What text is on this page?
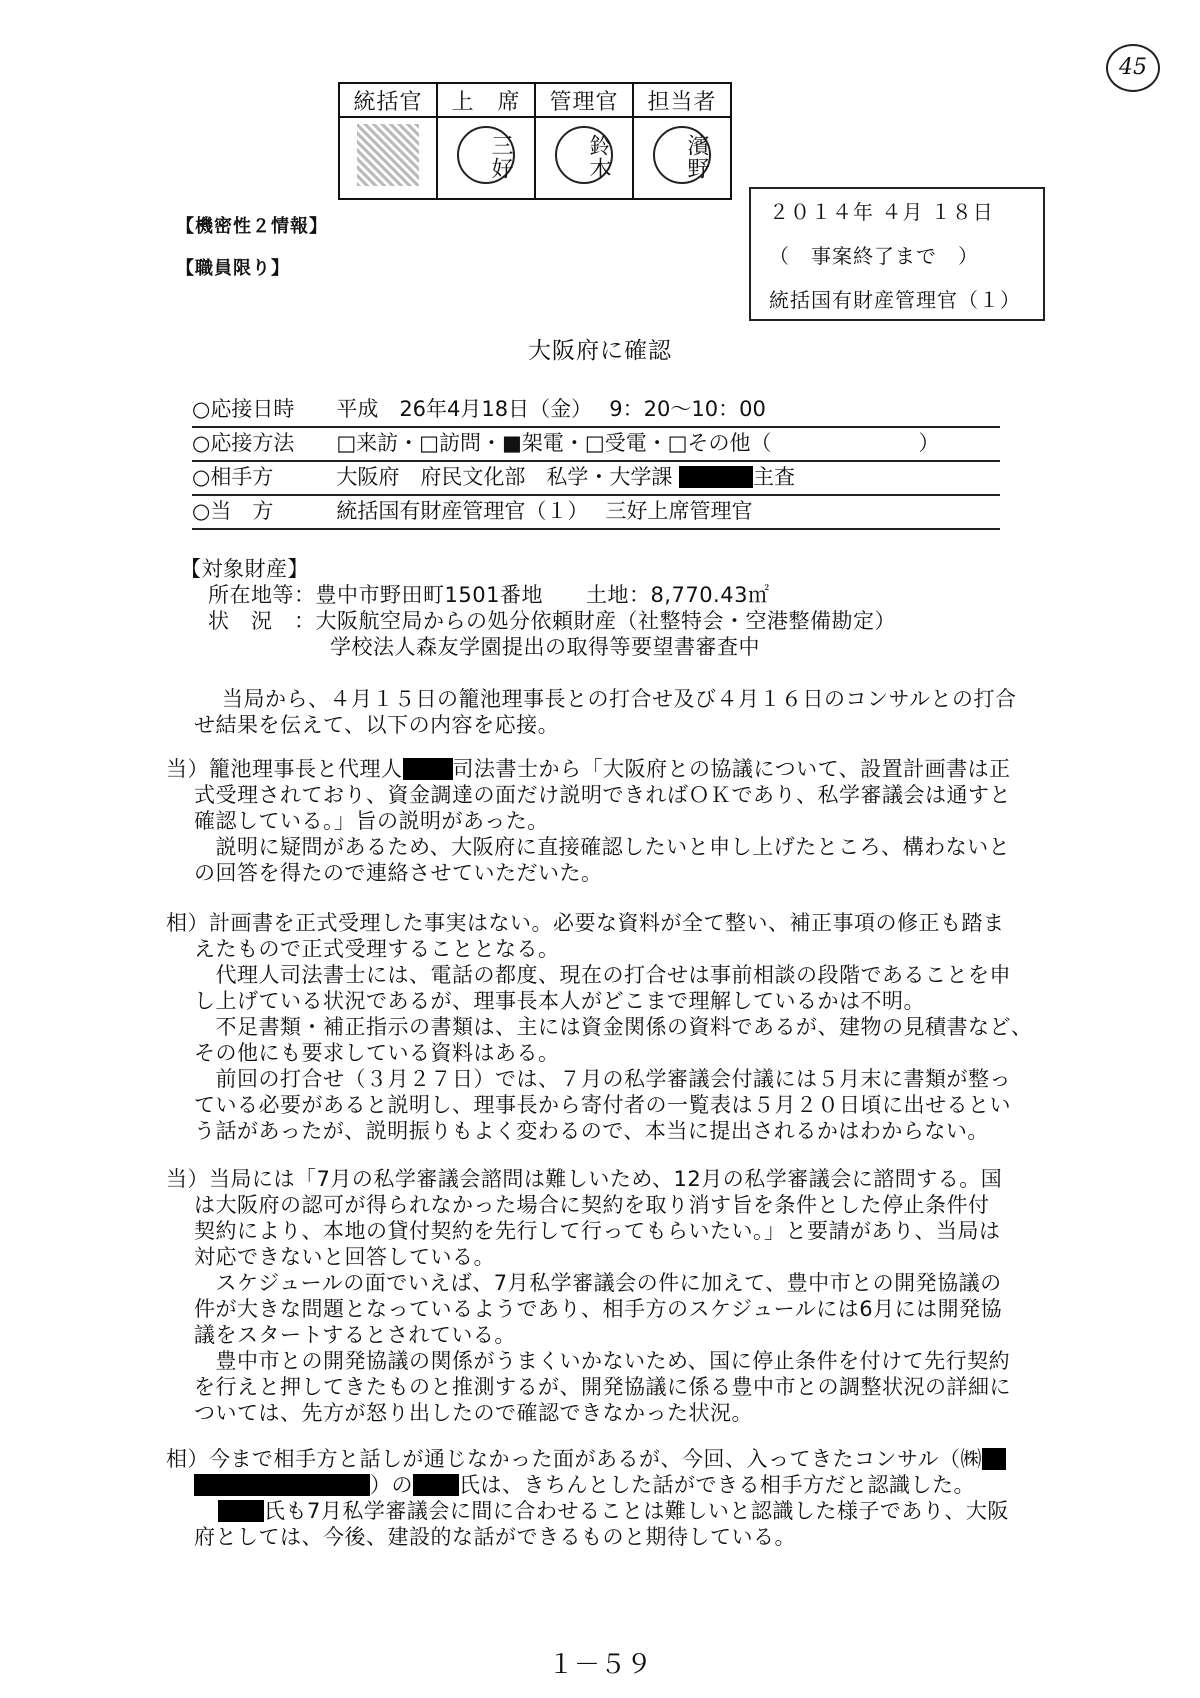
45
統括官	上　席	管理官	担当者
	三好	鈴木	濱野
【機密性２情報】
【職員限り】
２０１４年 ４月 １８日
（　事案終了まで　）
統括国有財産管理官（１）
大阪府に確認
○応接日時　　平成　26年4月18日（金）　 9：20～10：00
○応接方法　　□来訪・□訪問・■架電・□受電・□その他（　　　　　　　）
○相手方　　　大阪府　府民文化部　私学・大学課	主査
○当　方　　　統括国有財産管理官（１）　 三好上席管理官
【対象財産】
所在地等：豊中市野田町1501番地　　土地：8,770.43㎡
状　況　：大阪航空局からの処分依頼財産（社整特会・空港整備勘定）
学校法人森友学園提出の取得等要望書審査中
当局から、４月１５日の籠池理事長との打合せ及び４月１６日のコンサルとの打合
せ結果を伝えて、以下の内容を応接。
当）籠池理事長と代理人 司法書士から「大阪府との協議について、設置計画書は正
式受理されており、資金調達の面だけ説明できればＯＫであり、私学審議会は通すと
確認している。」旨の説明があった。
　説明に疑問があるため、大阪府に直接確認したいと申し上げたところ、構わないと
の回答を得たので連絡させていただいた。
相）計画書を正式受理した事実はない。必要な資料が全て整い、補正事項の修正も踏ま
えたもので正式受理することとなる。
　代理人司法書士には、電話の都度、現在の打合せは事前相談の段階であることを申
し上げている状況であるが、理事長本人がどこまで理解しているかは不明。
　不足書類・補正指示の書類は、主には資金関係の資料であるが、建物の見積書など、
その他にも要求している資料はある。
　前回の打合せ（３月２７日）では、７月の私学審議会付議には５月末に書類が整っ
ている必要があると説明し、理事長から寄付者の一覧表は５月２０日頃に出せるとい
う話があったが、説明振りもよく変わるので、本当に提出されるかはわからない。
当）当局には「7月の私学審議会諮問は難しいため、12月の私学審議会に諮問する。国
は大阪府の認可が得られなかった場合に契約を取り消す旨を条件とした停止条件付
契約により、本地の貸付契約を先行して行ってもらいたい。」と要請があり、当局は
対応できないと回答している。
　スケジュールの面でいえば、7月私学審議会の件に加えて、豊中市との開発協議の
件が大きな問題となっているようであり、相手方のスケジュールには6月には開発協
議をスタートするとされている。
　豊中市との開発協議の関係がうまくいかないため、国に停止条件を付けて先行契約
を行えと押してきたものと推測するが、開発協議に係る豊中市との調整状況の詳細に
ついては、先方が怒り出したので確認できなかった状況。
相）今まで相手方と話しが通じなかった面があるが、今回、入ってきたコンサル（㈱
）の 氏は、きちんとした話ができる相手方だと認識した。
氏も7月私学審議会に間に合わせることは難しいと認識した様子であり、大阪
府としては、今後、建設的な話ができるものと期待している。
１－５９
